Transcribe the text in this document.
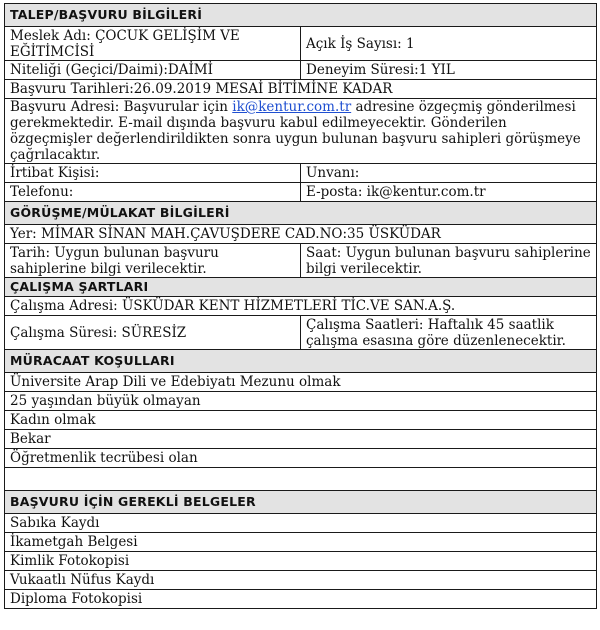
TALEP/BAŞVURU BİLGİLERİ	
Meslek Adı: ÇOCUK GELİŞİM VE EĞİTİMCİSİ	Açık İş Sayısı: 1
Niteliği (Geçici/Daimi):DAİMİ	Deneyim Süresi:1 YIL
Başvuru Tarihleri:26.09.2019 MESAİ BİTİMİNE KADAR	
Başvuru Adresi: Başvurular için ik@kentur.com.tr adresine özgeçmiş gönderilmesi gerekmektedir. E-mail dışında başvuru kabul edilmeyecektir. Gönderilen özgeçmişler değerlendirildikten sonra uygun bulunan başvuru sahipleri görüşmeye çağrılacaktır.	
İrtibat Kişisi:	Unvanı:
Telefonu:	E-posta: ik@kentur.com.tr
GÖRÜŞME/MÜLAKAT BİLGİLERİ	
Yer: MİMAR SİNAN MAH.ÇAVUŞDERE CAD.NO:35 ÜSKÜDAR	
Tarih: Uygun bulunan başvuru sahiplerine bilgi verilecektir.	Saat: Uygun bulunan başvuru sahiplerine bilgi verilecektir.
ÇALIŞMA ŞARTLARI	
Çalışma Adresi: ÜSKÜDAR KENT HİZMETLERİ TİC.VE SAN.A.Ş.	
Çalışma Süresi: SÜRESİZ	Çalışma Saatleri: Haftalık 45 saatlik çalışma esasına göre düzenlenecektir.
MÜRACAAT KOŞULLARI	
Üniversite Arap Dili ve Edebiyatı Mezunu olmak	
25 yaşından büyük olmayan	
Kadın olmak	
Bekar	
Öğretmenlik tecrübesi olan	

BAŞVURU İÇİN GEREKLİ BELGELER	
Sabıka Kaydı	
İkametgah Belgesi	
Kimlik Fotokopisi	
Vukaatlı Nüfus Kaydı	
Diploma Fotokopisi	
